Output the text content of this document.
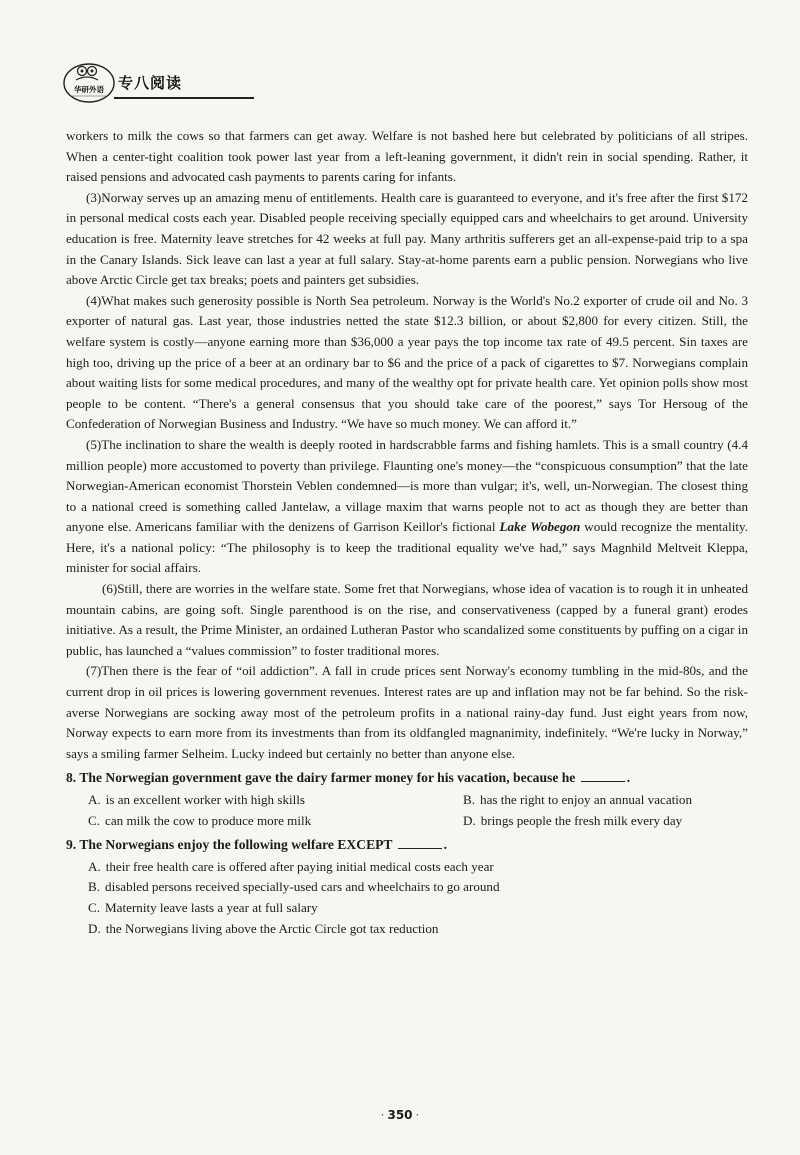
华研外语 专八阅读

workers to milk the cows so that farmers can get away. Welfare is not bashed here but celebrated by politicians of all stripes. When a center-tight coalition took power last year from a left-leaning government, it didn't rein in social spending. Rather, it raised pensions and advocated cash payments to parents caring for infants.

(3)Norway serves up an amazing menu of entitlements. Health care is guaranteed to everyone, and it's free after the first $172 in personal medical costs each year. Disabled people receiving specially equipped cars and wheelchairs to get around. University education is free. Maternity leave stretches for 42 weeks at full pay. Many arthritis sufferers get an all-expense-paid trip to a spa in the Canary Islands. Sick leave can last a year at full salary. Stay-at-home parents earn a public pension. Norwegians who live above Arctic Circle get tax breaks; poets and painters get subsidies.

(4)What makes such generosity possible is North Sea petroleum. Norway is the World's No.2 exporter of crude oil and No. 3 exporter of natural gas. Last year, those industries netted the state $12.3 billion, or about $2,800 for every citizen. Still, the welfare system is costly—anyone earning more than $36,000 a year pays the top income tax rate of 49.5 percent. Sin taxes are high too, driving up the price of a beer at an ordinary bar to $6 and the price of a pack of cigarettes to $7. Norwegians complain about waiting lists for some medical procedures, and many of the wealthy opt for private health care. Yet opinion polls show most people to be content. “There's a general consensus that you should take care of the poorest,” says Tor Hersoug of the Confederation of Norwegian Business and Industry. “We have so much money. We can afford it.”

(5)The inclination to share the wealth is deeply rooted in hardscrabble farms and fishing hamlets. This is a small country (4.4 million people) more accustomed to poverty than privilege. Flaunting one's money—the “conspicuous consumption” that the late Norwegian-American economist Thorstein Veblen condemned—is more than vulgar; it's, well, un-Norwegian. The closest thing to a national creed is something called Jantelaw, a village maxim that warns people not to act as though they are better than anyone else. Americans familiar with the denizens of Garrison Keillor's fictional Lake Wobegon would recognize the mentality. Here, it's a national policy: “The philosophy is to keep the traditional equality we've had,” says Magnhild Meltveit Kleppa, minister for social affairs.

(6)Still, there are worries in the welfare state. Some fret that Norwegians, whose idea of vacation is to rough it in unheated mountain cabins, are going soft. Single parenthood is on the rise, and conservativeness (capped by a funeral grant) erodes initiative. As a result, the Prime Minister, an ordained Lutheran Pastor who scandalized some constituents by puffing on a cigar in public, has launched a “values commission” to foster traditional mores.

(7)Then there is the fear of “oil addiction”. A fall in crude prices sent Norway's economy tumbling in the mid-80s, and the current drop in oil prices is lowering government revenues. Interest rates are up and inflation may not be far behind. So the risk-averse Norwegians are socking away most of the petroleum profits in a national rainy-day fund. Just eight years from now, Norway expects to earn more from its investments than from its oldfangled magnanimity, indefinitely. “We're lucky in Norway,” says a smiling farmer Selheim. Lucky indeed but certainly no better than anyone else.

8. The Norwegian government gave the dairy farmer money for his vacation, because he	.
A. is an excellent worker with high skills	B. has the right to enjoy an annual vacation
C. can milk the cow to produce more milk	D. brings people the fresh milk every day
9. The Norwegians enjoy the following welfare EXCEPT	.
A. their free health care is offered after paying initial medical costs each year
B. disabled persons received specially-used cars and wheelchairs to go around
C. Maternity leave lasts a year at full salary
D. the Norwegians living above the Arctic Circle got tax reduction
· 350 ·
